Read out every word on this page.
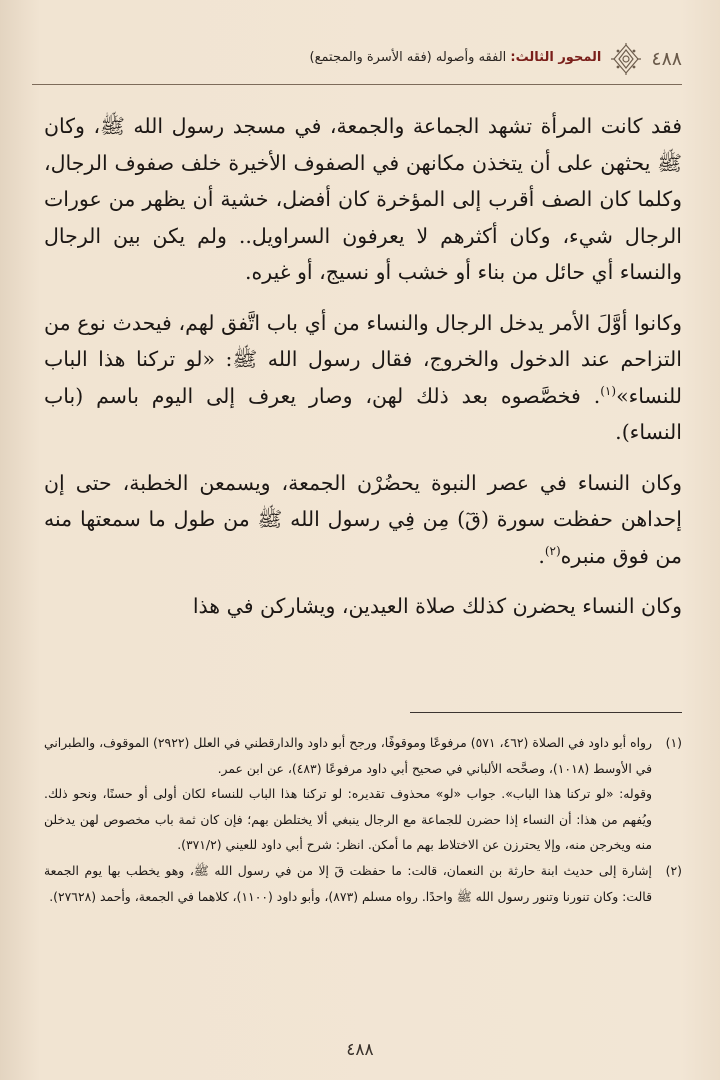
٤٨٨
المحور الثالث: الفقه وأصوله (فقه الأسرة والمجتمع)

فقد كانت المرأة تشهد الجماعة والجمعة، في مسجد رسول الله ﷺ، وكان ﷺ يحثهن على أن يتخذن مكانهن في الصفوف الأخيرة خلف صفوف الرجال، وكلما كان الصف أقرب إلى المؤخرة كان أفضل، خشية أن يظهر من عورات الرجال شيء، وكان أكثرهم لا يعرفون السراويل.. ولم يكن بين الرجال والنساء أي حائل من بناء أو خشب أو نسيج، أو غيره.

وكانوا أوَّلَ الأمر يدخل الرجال والنساء من أي باب اتَّفق لهم، فيحدث نوع من التزاحم عند الدخول والخروج، فقال رسول الله ﷺ: «لو تركنا هذا الباب للنساء»$^{(١)}$. فخصَّصوه بعد ذلك لهن، وصار يعرف إلى اليوم باسم (باب النساء).

وكان النساء في عصر النبوة يحضُرْن الجمعة، ويسمعن الخطبة، حتى إن إحداهن حفظت سورة (قٓ) مِن فِي رسول الله ﷺ من طول ما سمعتها منه من فوق منبره$^{(٢)}$.

وكان النساء يحضرن كذلك صلاة العيدين، ويشاركن في هذا

(١)

رواه أبو داود في الصلاة (٤٦٢، ٥٧١) مرفوعًا وموقوفًا، ورجح أبو داود والدارقطني في العلل (٢٩٢٢) الموقوف، والطبراني في الأوسط (١٠١٨)، وصحَّحه الألباني في صحيح أبي داود مرفوعًا (٤٨٣)، عن ابن عمر.

وقوله: «لو تركنا هذا الباب». جواب «لو» محذوف تقديره: لو تركنا هذا الباب للنساء لكان أولى أو حسنًا، ونحو ذلك. ويُفهم من هذا: أن النساء إذا حضرن للجماعة مع الرجال ينبغي ألا يختلطن بهم؛ فإن كان ثمة باب مخصوص لهن يدخلن منه ويخرجن منه، وإلا يحترزن عن الاختلاط بهم ما أمكن. انظر: شرح أبي داود للعيني (٣٧١/٢).

(٢)

إشارة إلى حديث ابنة حارثة بن النعمان، قالت: ما حفظت قٓ إلا من في رسول الله ﷺ، وهو يخطب بها يوم الجمعة قالت: وكان تنورنا وتنور رسول الله ﷺ واحدًا. رواه مسلم (٨٧٣)، وأبو داود (١١٠٠)، كلاهما في الجمعة، وأحمد (٢٧٦٢٨).

٤٨٨
